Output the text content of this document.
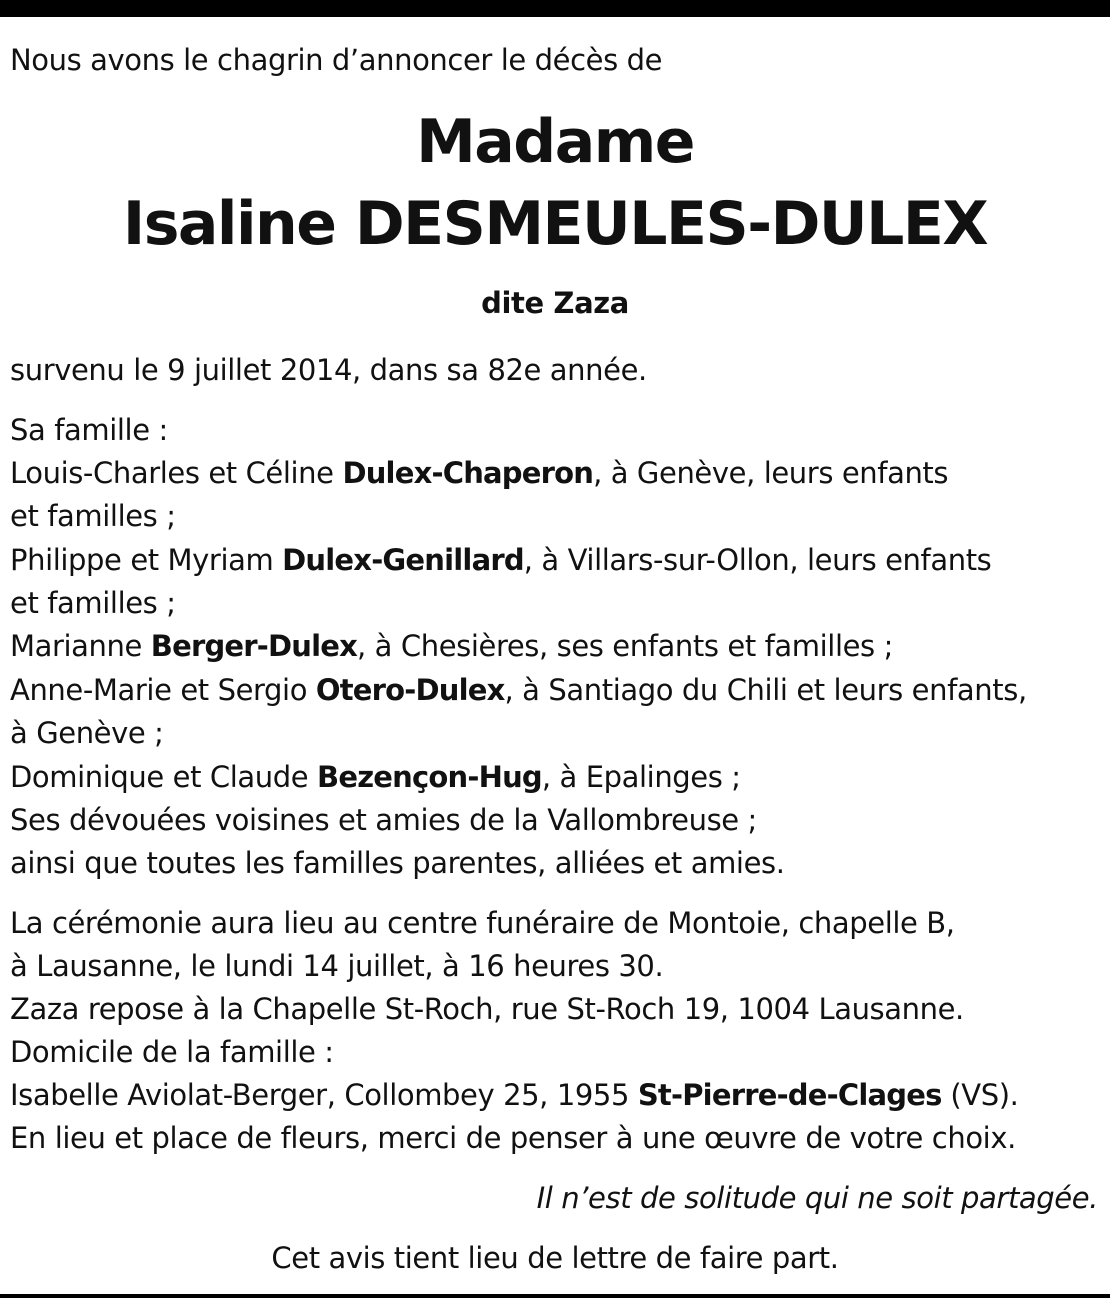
Nous avons le chagrin d’annoncer le décès de
Madame
Isaline DESMEULES-DULEX
dite Zaza
survenu le 9 juillet 2014, dans sa 82e année.
Sa famille :
Louis-Charles et Céline Dulex-Chaperon, à Genève, leurs enfants
et familles ;
Philippe et Myriam Dulex-Genillard, à Villars-sur-Ollon, leurs enfants
et familles ;
Marianne Berger-Dulex, à Chesières, ses enfants et familles ;
Anne-Marie et Sergio Otero-Dulex, à Santiago du Chili et leurs enfants,
à Genève ;
Dominique et Claude Bezençon-Hug, à Epalinges ;
Ses dévouées voisines et amies de la Vallombreuse ;
ainsi que toutes les familles parentes, alliées et amies.
La cérémonie aura lieu au centre funéraire de Montoie, chapelle B,
à Lausanne, le lundi 14 juillet, à 16 heures 30.
Zaza repose à la Chapelle St-Roch, rue St-Roch 19, 1004 Lausanne.
Domicile de la famille :
Isabelle Aviolat-Berger, Collombey 25, 1955 St-Pierre-de-Clages (VS).
En lieu et place de fleurs, merci de penser à une œuvre de votre choix.
Il n’est de solitude qui ne soit partagée.
Cet avis tient lieu de lettre de faire part.
